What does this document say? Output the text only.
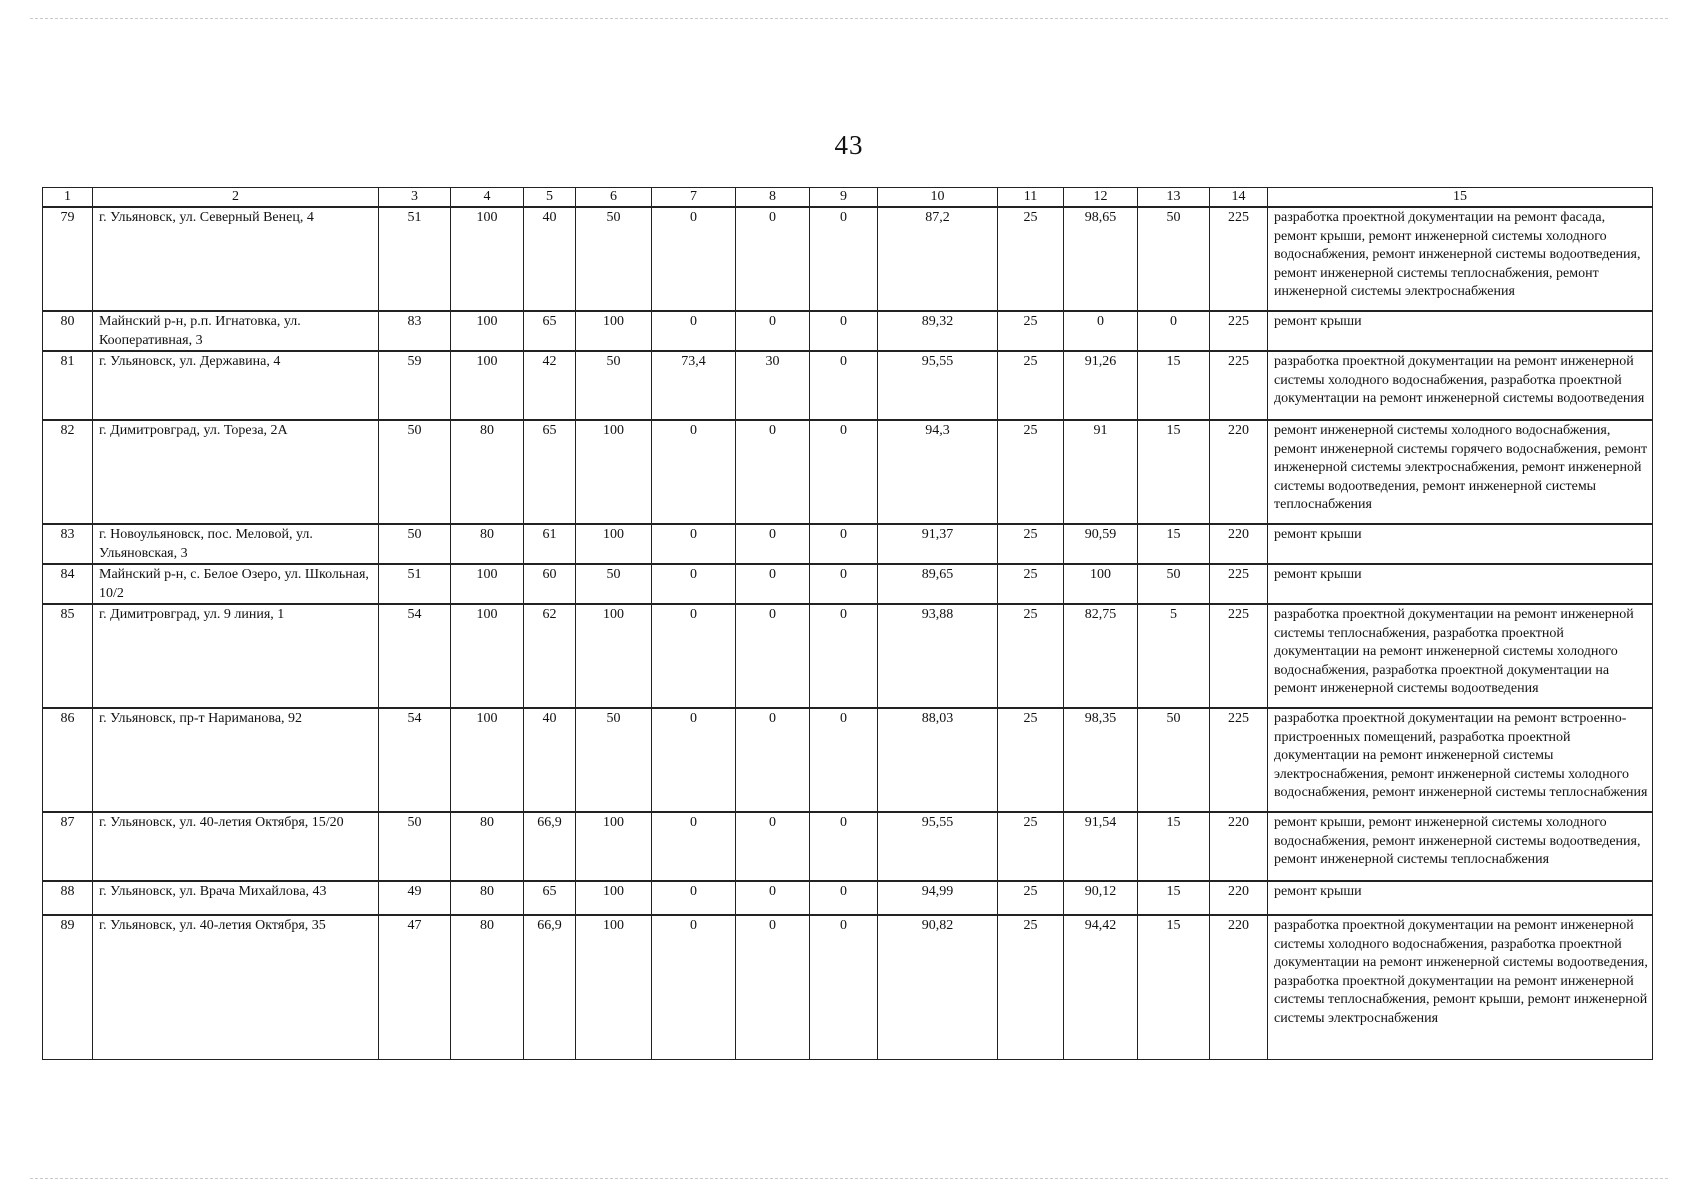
43
1	2	3	4	5	6	7	8	9	10	11	12	13	14	15
79	г. Ульяновск, ул. Северный Венец, 4	51	100	40	50	0	0	0	87,2	25	98,65	50	225	разработка проектной документации на ремонт фасада, ремонт крыши, ремонт инженерной системы холодного водоснабжения, ремонт инженерной системы водоотведения, ремонт инженерной системы теплоснабжения, ремонт инженерной системы электроснабжения
80	Майнский р-н, р.п. Игнатовка, ул. Кооперативная, 3	83	100	65	100	0	0	0	89,32	25	0	0	225	ремонт крыши
81	г. Ульяновск, ул. Державина, 4	59	100	42	50	73,4	30	0	95,55	25	91,26	15	225	разработка проектной документации на ремонт инженерной системы холодного водоснабжения, разработка проектной документации на ремонт инженерной системы водоотведения
82	г. Димитровград, ул. Тореза, 2А	50	80	65	100	0	0	0	94,3	25	91	15	220	ремонт инженерной системы холодного водоснабжения, ремонт инженерной системы горячего водоснабжения, ремонт инженерной системы электроснабжения, ремонт инженерной системы водоотведения, ремонт инженерной системы теплоснабжения
83	г. Новоульяновск, пос. Меловой, ул. Ульяновская, 3	50	80	61	100	0	0	0	91,37	25	90,59	15	220	ремонт крыши
84	Майнский р-н, с. Белое Озеро, ул. Школьная, 10/2	51	100	60	50	0	0	0	89,65	25	100	50	225	ремонт крыши
85	г. Димитровград, ул. 9 линия, 1	54	100	62	100	0	0	0	93,88	25	82,75	5	225	разработка проектной документации на ремонт инженерной системы теплоснабжения, разработка проектной документации на ремонт инженерной системы холодного водоснабжения, разработка проектной документации на ремонт инженерной системы водоотведения
86	г. Ульяновск, пр-т Нариманова, 92	54	100	40	50	0	0	0	88,03	25	98,35	50	225	разработка проектной документации на ремонт встроенно-пристроенных помещений, разработка проектной документации на ремонт инженерной системы электроснабжения, ремонт инженерной системы холодного водоснабжения, ремонт инженерной системы теплоснабжения
87	г. Ульяновск, ул. 40-летия Октября, 15/20	50	80	66,9	100	0	0	0	95,55	25	91,54	15	220	ремонт крыши, ремонт инженерной системы холодного водоснабжения, ремонт инженерной системы водоотведения, ремонт инженерной системы теплоснабжения
88	г. Ульяновск, ул. Врача Михайлова, 43	49	80	65	100	0	0	0	94,99	25	90,12	15	220	ремонт крыши
89	г. Ульяновск, ул. 40-летия Октября, 35	47	80	66,9	100	0	0	0	90,82	25	94,42	15	220	разработка проектной документации на ремонт инженерной системы холодного водоснабжения, разработка проектной документации на ремонт инженерной системы водоотведения, разработка проектной документации на ремонт инженерной системы теплоснабжения, ремонт крыши, ремонт инженерной системы электроснабжения
